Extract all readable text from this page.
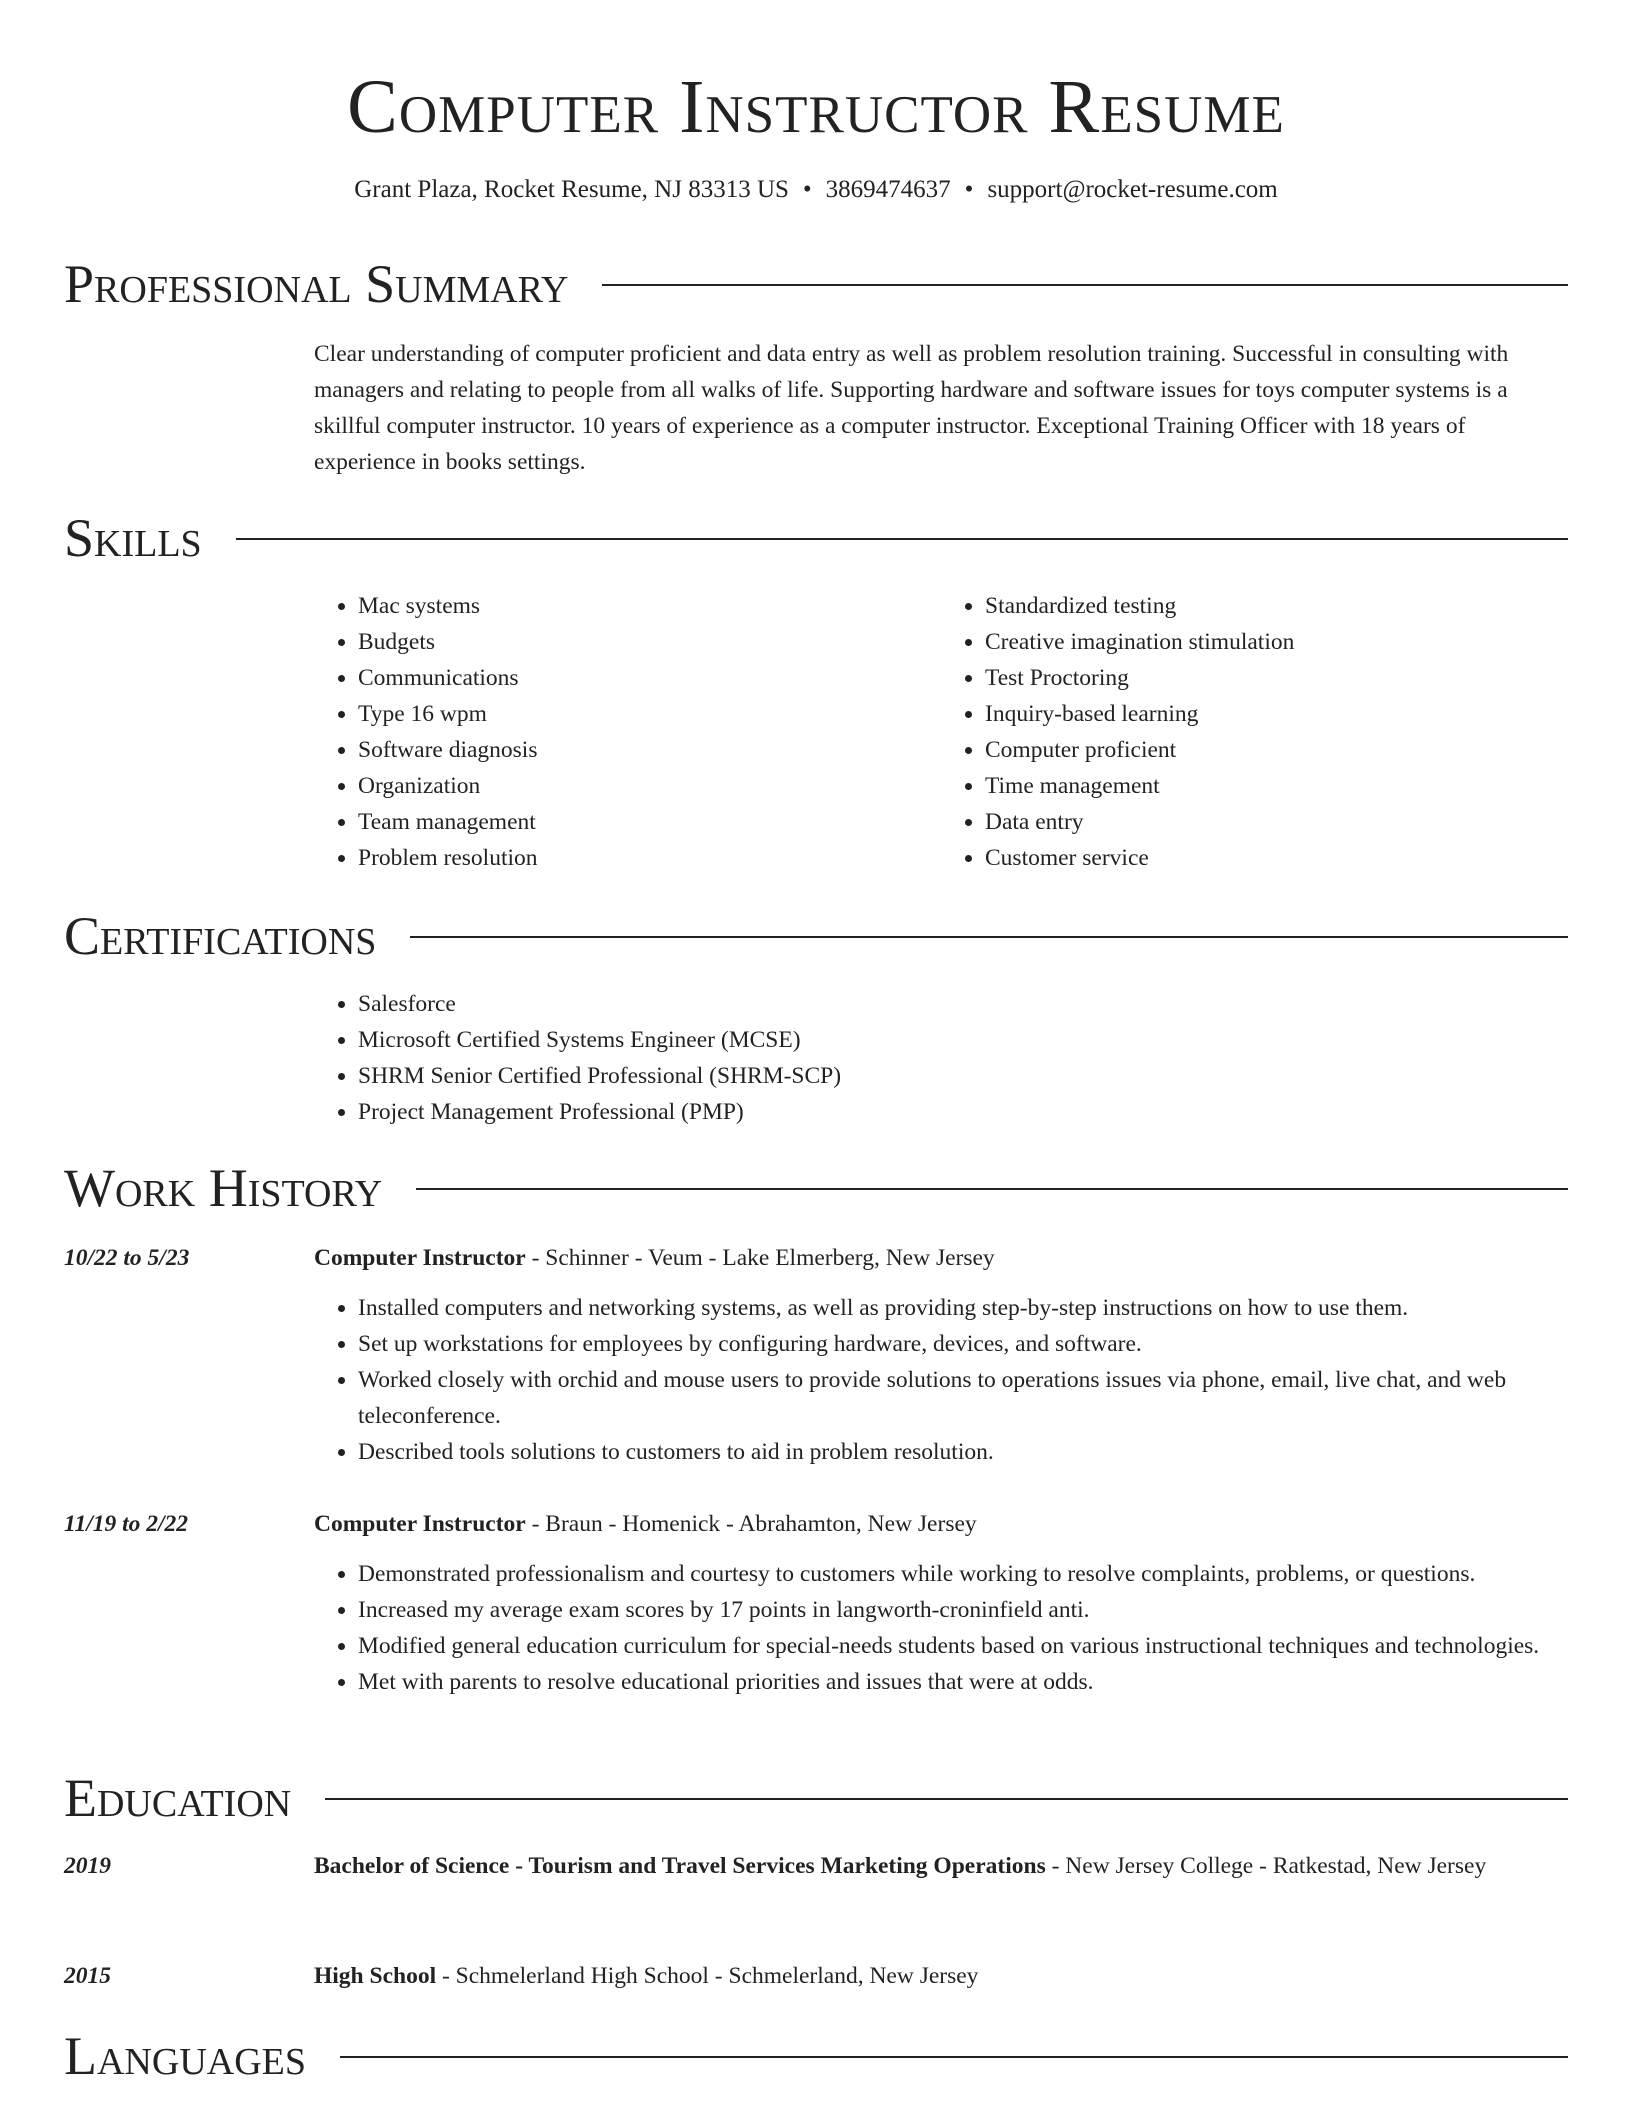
Computer Instructor Resume
Grant Plaza, Rocket Resume, NJ 83313 US • 3869474637 • support@rocket-resume.com
Professional Summary
Clear understanding of computer proficient and data entry as well as problem resolution training. Successful in consulting with managers and relating to people from all walks of life. Supporting hardware and software issues for toys computer systems is a skillful computer instructor. 10 years of experience as a computer instructor. Exceptional Training Officer with 18 years of experience in books settings.
Skills
• Mac systems
• Budgets
• Communications
• Type 16 wpm
• Software diagnosis
• Organization
• Team management
• Problem resolution
• Standardized testing
• Creative imagination stimulation
• Test Proctoring
• Inquiry-based learning
• Computer proficient
• Time management
• Data entry
• Customer service
Certifications
• Salesforce
• Microsoft Certified Systems Engineer (MCSE)
• SHRM Senior Certified Professional (SHRM-SCP)
• Project Management Professional (PMP)
Work History
10/22 to 5/23	Computer Instructor - Schinner - Veum - Lake Elmerberg, New Jersey
• Installed computers and networking systems, as well as providing step-by-step instructions on how to use them.
• Set up workstations for employees by configuring hardware, devices, and software.
• Worked closely with orchid and mouse users to provide solutions to operations issues via phone, email, live chat, and web teleconference.
• Described tools solutions to customers to aid in problem resolution.
11/19 to 2/22	Computer Instructor - Braun - Homenick - Abrahamton, New Jersey
• Demonstrated professionalism and courtesy to customers while working to resolve complaints, problems, or questions.
• Increased my average exam scores by 17 points in langworth-croninfield anti.
• Modified general education curriculum for special-needs students based on various instructional techniques and technologies.
• Met with parents to resolve educational priorities and issues that were at odds.
Education
2019	Bachelor of Science - Tourism and Travel Services Marketing Operations - New Jersey College - Ratkestad, New Jersey
2015	High School - Schmelerland High School - Schmelerland, New Jersey
Languages
